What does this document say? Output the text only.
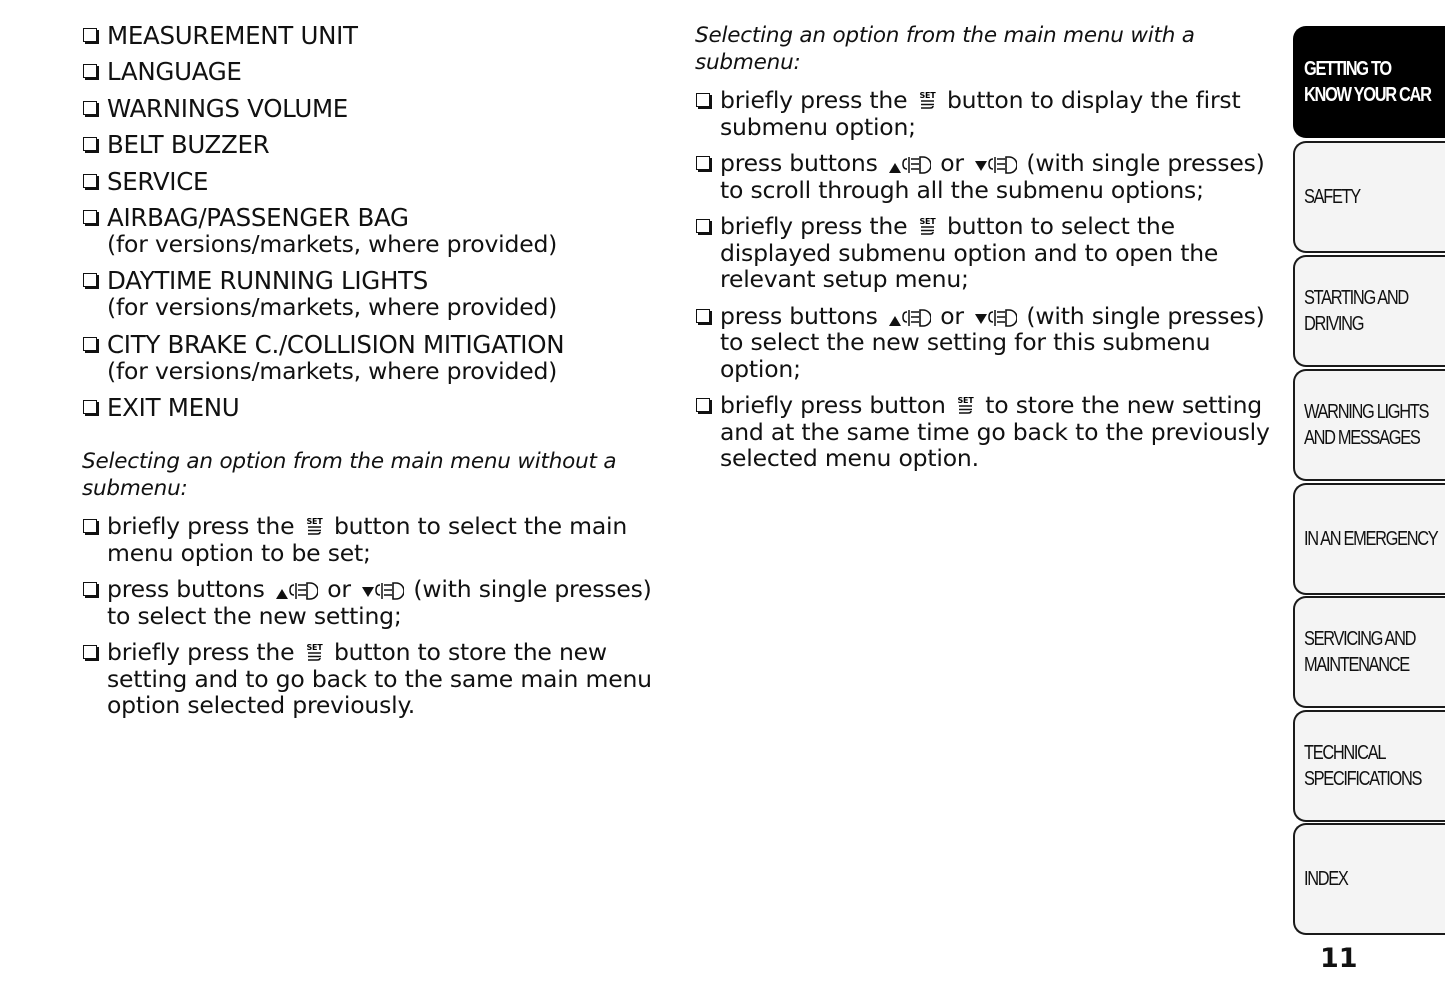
MEASUREMENT UNIT
LANGUAGE
WARNINGS VOLUME
BELT BUZZER
SERVICE
AIRBAG/PASSENGER BAG
(for versions/markets, where provided)
DAYTIME RUNNING LIGHTS
(for versions/markets, where provided)
CITY BRAKE C./COLLISION MITIGATION
(for versions/markets, where provided)
EXIT MENU

Selecting an option from the main menu without a submenu:

briefly press the SET button to select the main menu option to be set;
press buttons	or	(with single presses) to select the new setting;
briefly press the SET button to store the new setting and to go back to the same main menu option selected previously.

Selecting an option from the main menu with a submenu:

briefly press the SET button to display the first submenu option;
press buttons	or	(with single presses) to scroll through all the submenu options;
briefly press the SET button to select the displayed submenu option and to open the relevant setup menu;
press buttons	or	(with single presses) to select the new setting for this submenu option;
briefly press button SET to store the new setting and at the same time go back to the previously selected menu option.
GETTING TO
KNOW YOUR CAR
SAFETY
STARTING AND
DRIVING
WARNING LIGHTS
AND MESSAGES
IN AN EMERGENCY
SERVICING AND
MAINTENANCE
TECHNICAL
SPECIFICATIONS
INDEX
11
